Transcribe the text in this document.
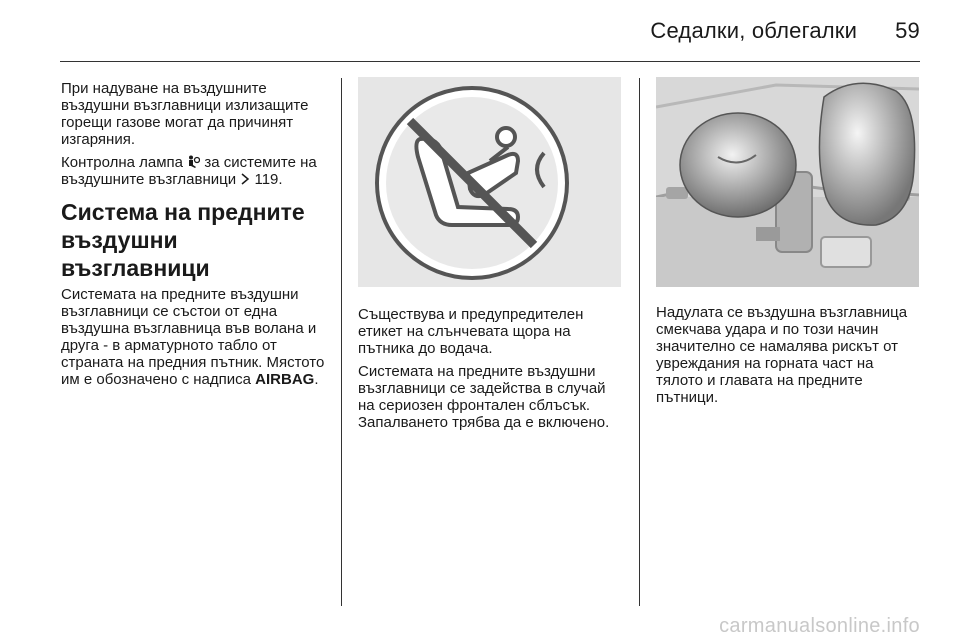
Седалки, облегалки 59

При надуване на въздушните въздушни възглавници излизащите горещи газове могат да причинят изгаряния.

Контролна лампа за системите на въздушните възглавници 119.

Система на предните въздушни възглавници

Системата на предните въздушни възглавници се състои от една въздушна възглавница във волана и друга - в арматурното табло от страната на предния пътник. Мястото им е обозначено с надписа AIRBAG.

Съществува и предупредителен етикет на слънчевата щора на пътника до водача.

Системата на предните въздушни възглавници се задейства в случай на сериозен фронтален сблъсък. Запалването трябва да е включено.

Надулата се въздушна възглавница смекчава удара и по този начин значително се намалява рискът от увреждания на горната част на тялото и главата на предните пътници.

carmanualsonline.info
